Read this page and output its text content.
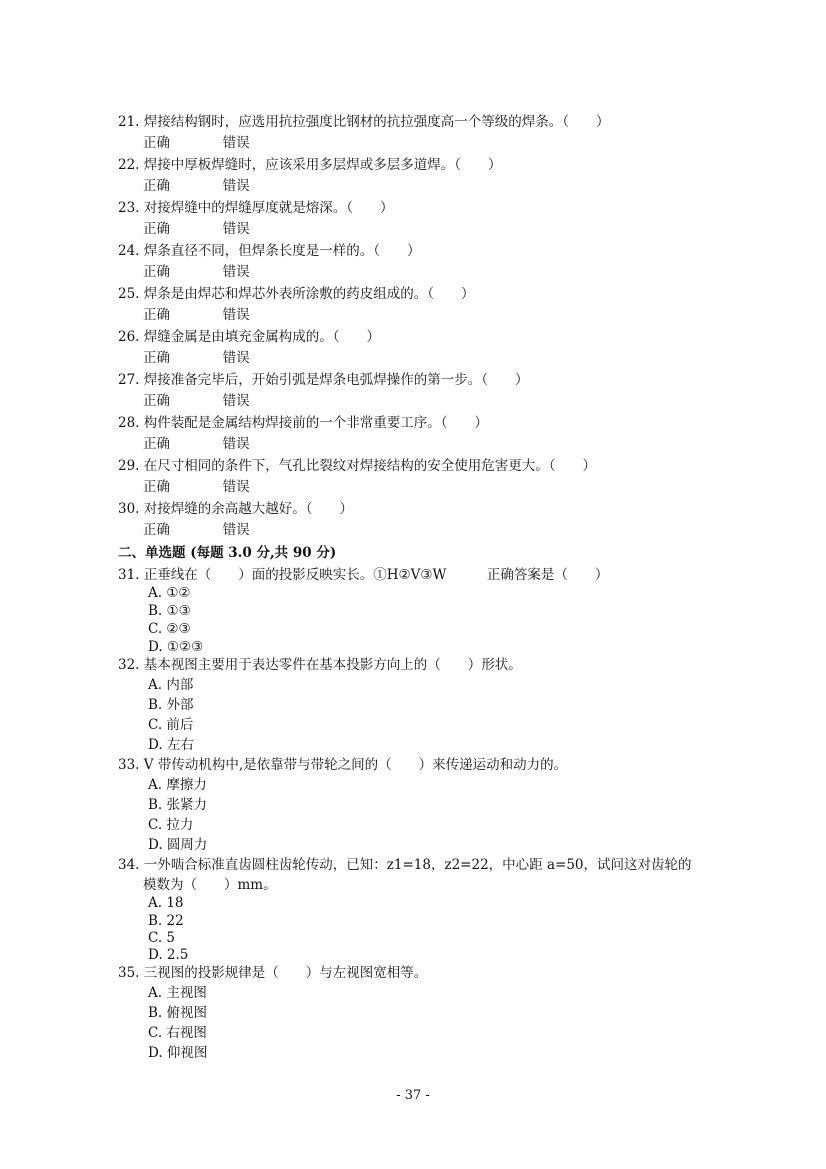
21. 焊接结构钢时，应选用抗拉强度比钢材的抗拉强度高一个等级的焊条。（　　）
正确	错误
22. 焊接中厚板焊缝时，应该采用多层焊或多层多道焊。（　　）
正确	错误
23. 对接焊缝中的焊缝厚度就是熔深。（　　）
正确	错误
24. 焊条直径不同，但焊条长度是一样的。（　　）
正确	错误
25. 焊条是由焊芯和焊芯外表所涂敷的药皮组成的。（　　）
正确	错误
26. 焊缝金属是由填充金属构成的。（　　）
正确	错误
27. 焊接准备完毕后，开始引弧是焊条电弧焊操作的第一步。（　　）
正确	错误
28. 构件装配是金属结构焊接前的一个非常重要工序。（　　）
正确	错误
29. 在尺寸相同的条件下，气孔比裂纹对焊接结构的安全使用危害更大。（　　）
正确	错误
30. 对接焊缝的余高越大越好。（　　）
正确	错误
二、单选题 (每题 3.0 分,共 90 分)
31. 正垂线在（　　）面的投影反映实长。①H②V③W　　　正确答案是（　　）
A. ①②
B. ①③
C. ②③
D. ①②③
32. 基本视图主要用于表达零件在基本投影方向上的（　　）形状。
A. 内部
B. 外部
C. 前后
D. 左右
33. V 带传动机构中,是依靠带与带轮之间的（　　）来传递运动和动力的。
A. 摩擦力
B. 张紧力
C. 拉力
D. 圆周力
34. 一外啮合标准直齿圆柱齿轮传动，已知：z1=18，z2=22，中心距 a=50，试问这对齿轮的
模数为（　　）mm。
A. 18
B. 22
C. 5
D. 2.5
35. 三视图的投影规律是（　　）与左视图宽相等。
A. 主视图
B. 俯视图
C. 右视图
D. 仰视图
- 37 -
